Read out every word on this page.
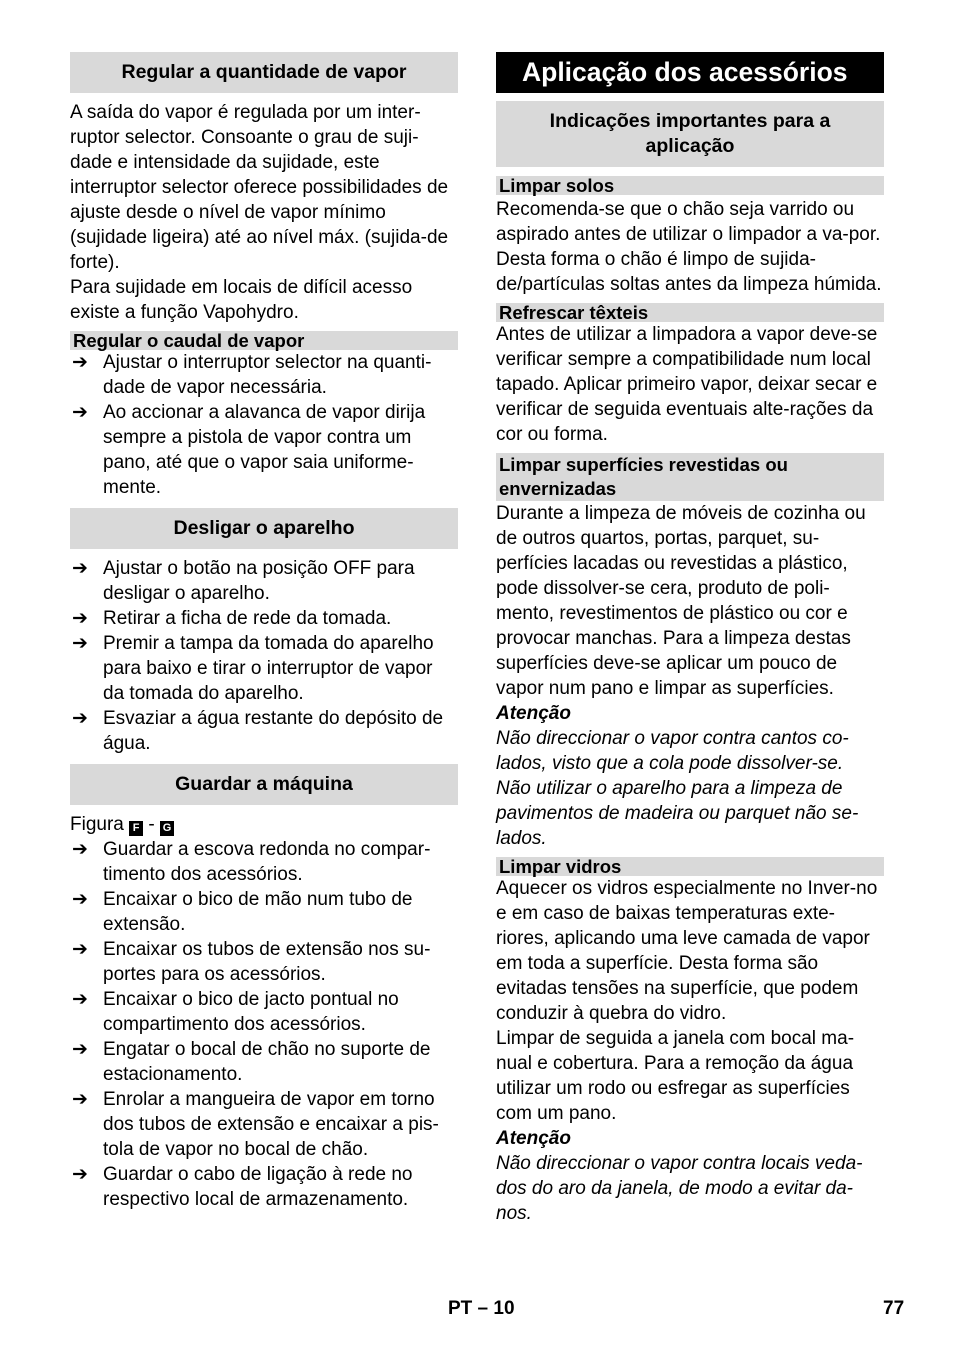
Regular a quantidade de vapor

A saída do vapor é regulada por um inter-ruptor selector. Consoante o grau de suji-dade e intensidade da sujidade, este interruptor selector oferece possibilidades de ajuste desde o nível de vapor mínimo (sujidade ligeira) até ao nível máx. (sujida-de forte).

Para sujidade em locais de difícil acesso existe a função Vapohydro.

Regular o caudal de vapor
➔ Ajustar o interruptor selector na quanti-dade de vapor necessária.
➔ Ao accionar a alavanca de vapor dirija sempre a pistola de vapor contra um pano, até que o vapor saia uniforme-mente.
Desligar o aparelho
➔ Ajustar o botão na posição OFF para desligar o aparelho.
➔ Retirar a ficha de rede da tomada.
➔ Premir a tampa da tomada do aparelho para baixo e tirar o interruptor de vapor da tomada do aparelho.
➔ Esvaziar a água restante do depósito de água.
Guardar a máquina

Figura F - G

➔ Guardar a escova redonda no compar-timento dos acessórios.
➔ Encaixar o bico de mão num tubo de extensão.
➔ Encaixar os tubos de extensão nos su-portes para os acessórios.
➔ Encaixar o bico de jacto pontual no compartimento dos acessórios.
➔ Engatar o bocal de chão no suporte de estacionamento.
➔ Enrolar a mangueira de vapor em torno dos tubos de extensão e encaixar a pis-tola de vapor no bocal de chão.
➔ Guardar o cabo de ligação à rede no respectivo local de armazenamento.
Aplicação dos acessórios
Indicações importantes para a aplicação
Limpar solos

Recomenda-se que o chão seja varrido ou aspirado antes de utilizar o limpador a va-por. Desta forma o chão é limpo de sujida-de/partículas soltas antes da limpeza húmida.

Refrescar têxteis

Antes de utilizar a limpadora a vapor deve-se verificar sempre a compatibilidade num local tapado. Aplicar primeiro vapor, deixar secar e verificar de seguida eventuais alte-rações da cor ou forma.

Limpar superfícies revestidas ou envernizadas

Durante a limpeza de móveis de cozinha ou de outros quartos, portas, parquet, su-perfícies lacadas ou revestidas a plástico, pode dissolver-se cera, produto de poli-mento, revestimentos de plástico ou cor e provocar manchas. Para a limpeza destas superfícies deve-se aplicar um pouco de vapor num pano e limpar as superfícies.

Atenção

Não direccionar o vapor contra cantos co-lados, visto que a cola pode dissolver-se.

Não utilizar o aparelho para a limpeza de pavimentos de madeira ou parquet não se-lados.

Limpar vidros

Aquecer os vidros especialmente no Inver-no e em caso de baixas temperaturas exte-riores, aplicando uma leve camada de vapor em toda a superfície. Desta forma são evitadas tensões na superfície, que podem conduzir à quebra do vidro.

Limpar de seguida a janela com bocal ma-nual e cobertura. Para a remoção da água utilizar um rodo ou esfregar as superfícies com um pano.

Atenção

Não direccionar o vapor contra locais veda-dos do aro da janela, de modo a evitar da-nos.

PT – 10	77
